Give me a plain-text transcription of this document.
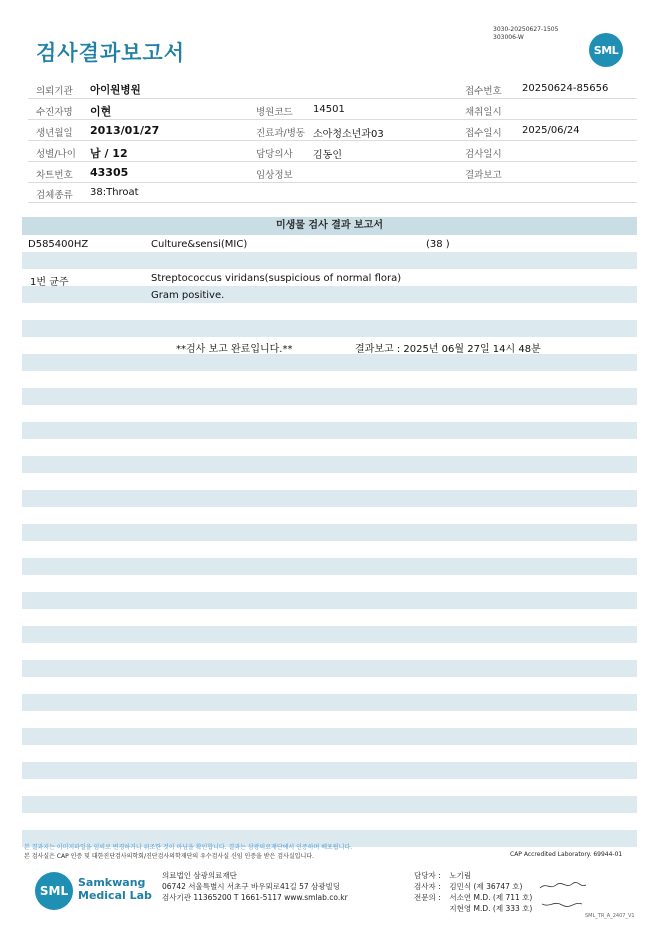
검사결과보고서
3030-20250627-1505
303006-W
SML
의뢰기관 아이원병원	접수번호 20250624-85656
수진자명 이현	병원코드 14501	채취일시
생년월일 2013/01/27	진료과/병동 소아청소년과03	접수일시 2025/06/24
성별/나이 남 / 12	담당의사 김동인	검사일시
차트번호 43305	임상정보	결과보고
검체종류 38:Throat
미생물 검사 결과 보고서
D585400HZ	Culture&sensi(MIC)	(38 )
1번 균주	Streptococcus viridans(suspicious of normal flora)
Gram positive.
**검사 보고 완료입니다.**	결과보고 : 2025년 06월 27일 14시 48분
본 결과지는 이미지파일을 임의로 변경하거나 위조한 것이 아님을 확인합니다. 결과는 삼광의료재단에서 인증하며 배포됩니다.
본 검사실은 CAP 인증 및 대한진단검사의학회/진단검사의학재단의 우수검사실 신임 인증을 받은 검사실입니다.	CAP Accredited Laboratory. 69944-01
SML
Samkwang
Medical Lab
의료법인 삼광의료재단
06742 서울특별시 서초구 바우뫼로41길 57 삼광빌딩
검사기관 11365200 T 1661-5117 www.smlab.co.kr
담당자 : 노기림
검사자 : 김민식 (제 36747 호)
전문의 : 서소연 M.D. (제 711 호)
지현영 M.D. (제 333 호)
SML_TR_A_2407_V1
